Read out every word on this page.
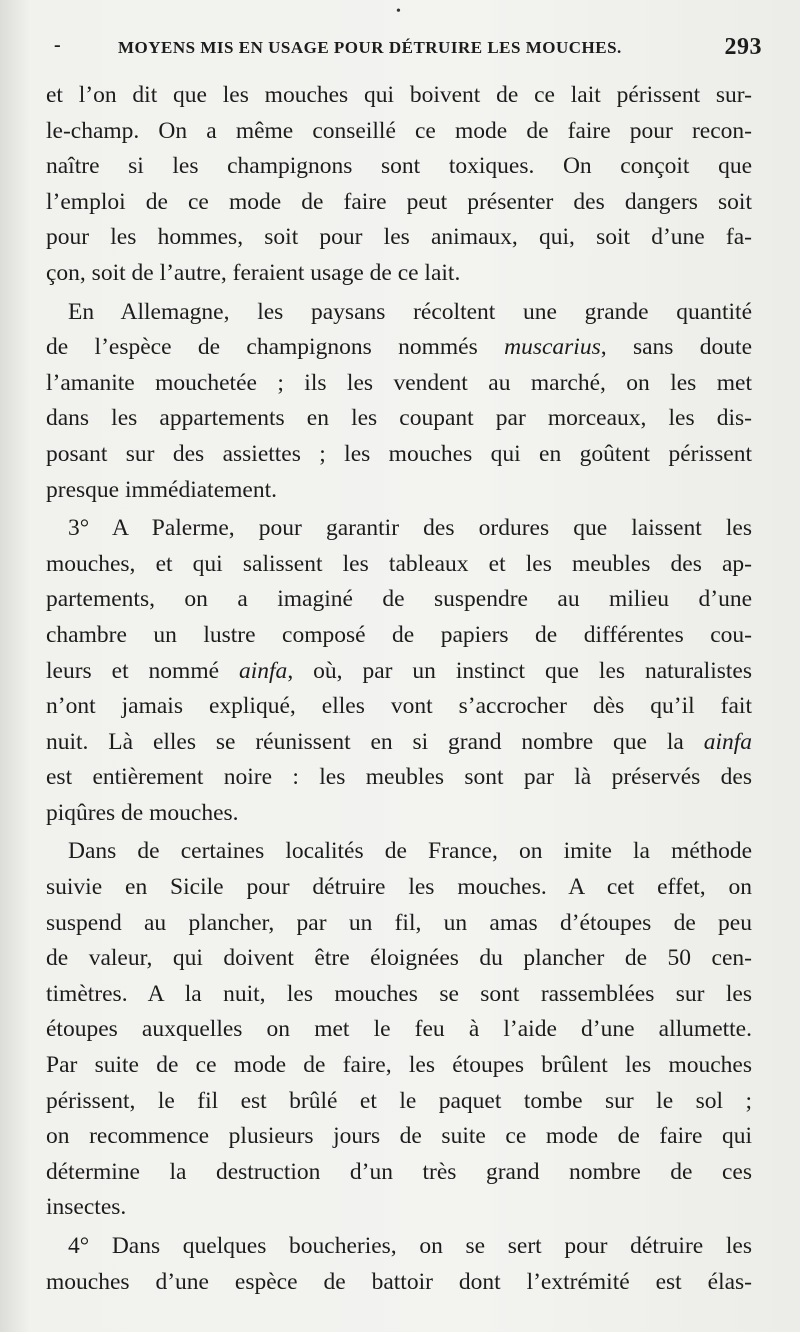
•
-	MOYENS MIS EN USAGE POUR DÉTRUIRE LES MOUCHES.	293
et l’on dit que les mouches qui boivent de ce lait périssent sur-
le-champ. On a même conseillé ce mode de faire pour recon-
naître si les champignons sont toxiques. On conçoit que
l’emploi de ce mode de faire peut présenter des dangers soit
pour les hommes, soit pour les animaux, qui, soit d’une fa-
çon, soit de l’autre, feraient usage de ce lait.
En Allemagne, les paysans récoltent une grande quantité
de l’espèce de champignons nommés muscarius, sans doute
l’amanite mouchetée ; ils les vendent au marché, on les met
dans les appartements en les coupant par morceaux, les dis-
posant sur des assiettes ; les mouches qui en goûtent périssent
presque immédiatement.
3° A Palerme, pour garantir des ordures que laissent les
mouches, et qui salissent les tableaux et les meubles des ap-
partements, on a imaginé de suspendre au milieu d’une
chambre un lustre composé de papiers de différentes cou-
leurs et nommé ainfa, où, par un instinct que les naturalistes
n’ont jamais expliqué, elles vont s’accrocher dès qu’il fait
nuit. Là elles se réunissent en si grand nombre que la ainfa
est entièrement noire : les meubles sont par là préservés des
piqûres de mouches.
Dans de certaines localités de France, on imite la méthode
suivie en Sicile pour détruire les mouches. A cet effet, on
suspend au plancher, par un fil, un amas d’étoupes de peu
de valeur, qui doivent être éloignées du plancher de 50 cen-
timètres. A la nuit, les mouches se sont rassemblées sur les
étoupes auxquelles on met le feu à l’aide d’une allumette.
Par suite de ce mode de faire, les étoupes brûlent les mouches
périssent, le fil est brûlé et le paquet tombe sur le sol ;
on recommence plusieurs jours de suite ce mode de faire qui
détermine la destruction d’un très grand nombre de ces
insectes.
4° Dans quelques boucheries, on se sert pour détruire les
mouches d’une espèce de battoir dont l’extrémité est élas-
